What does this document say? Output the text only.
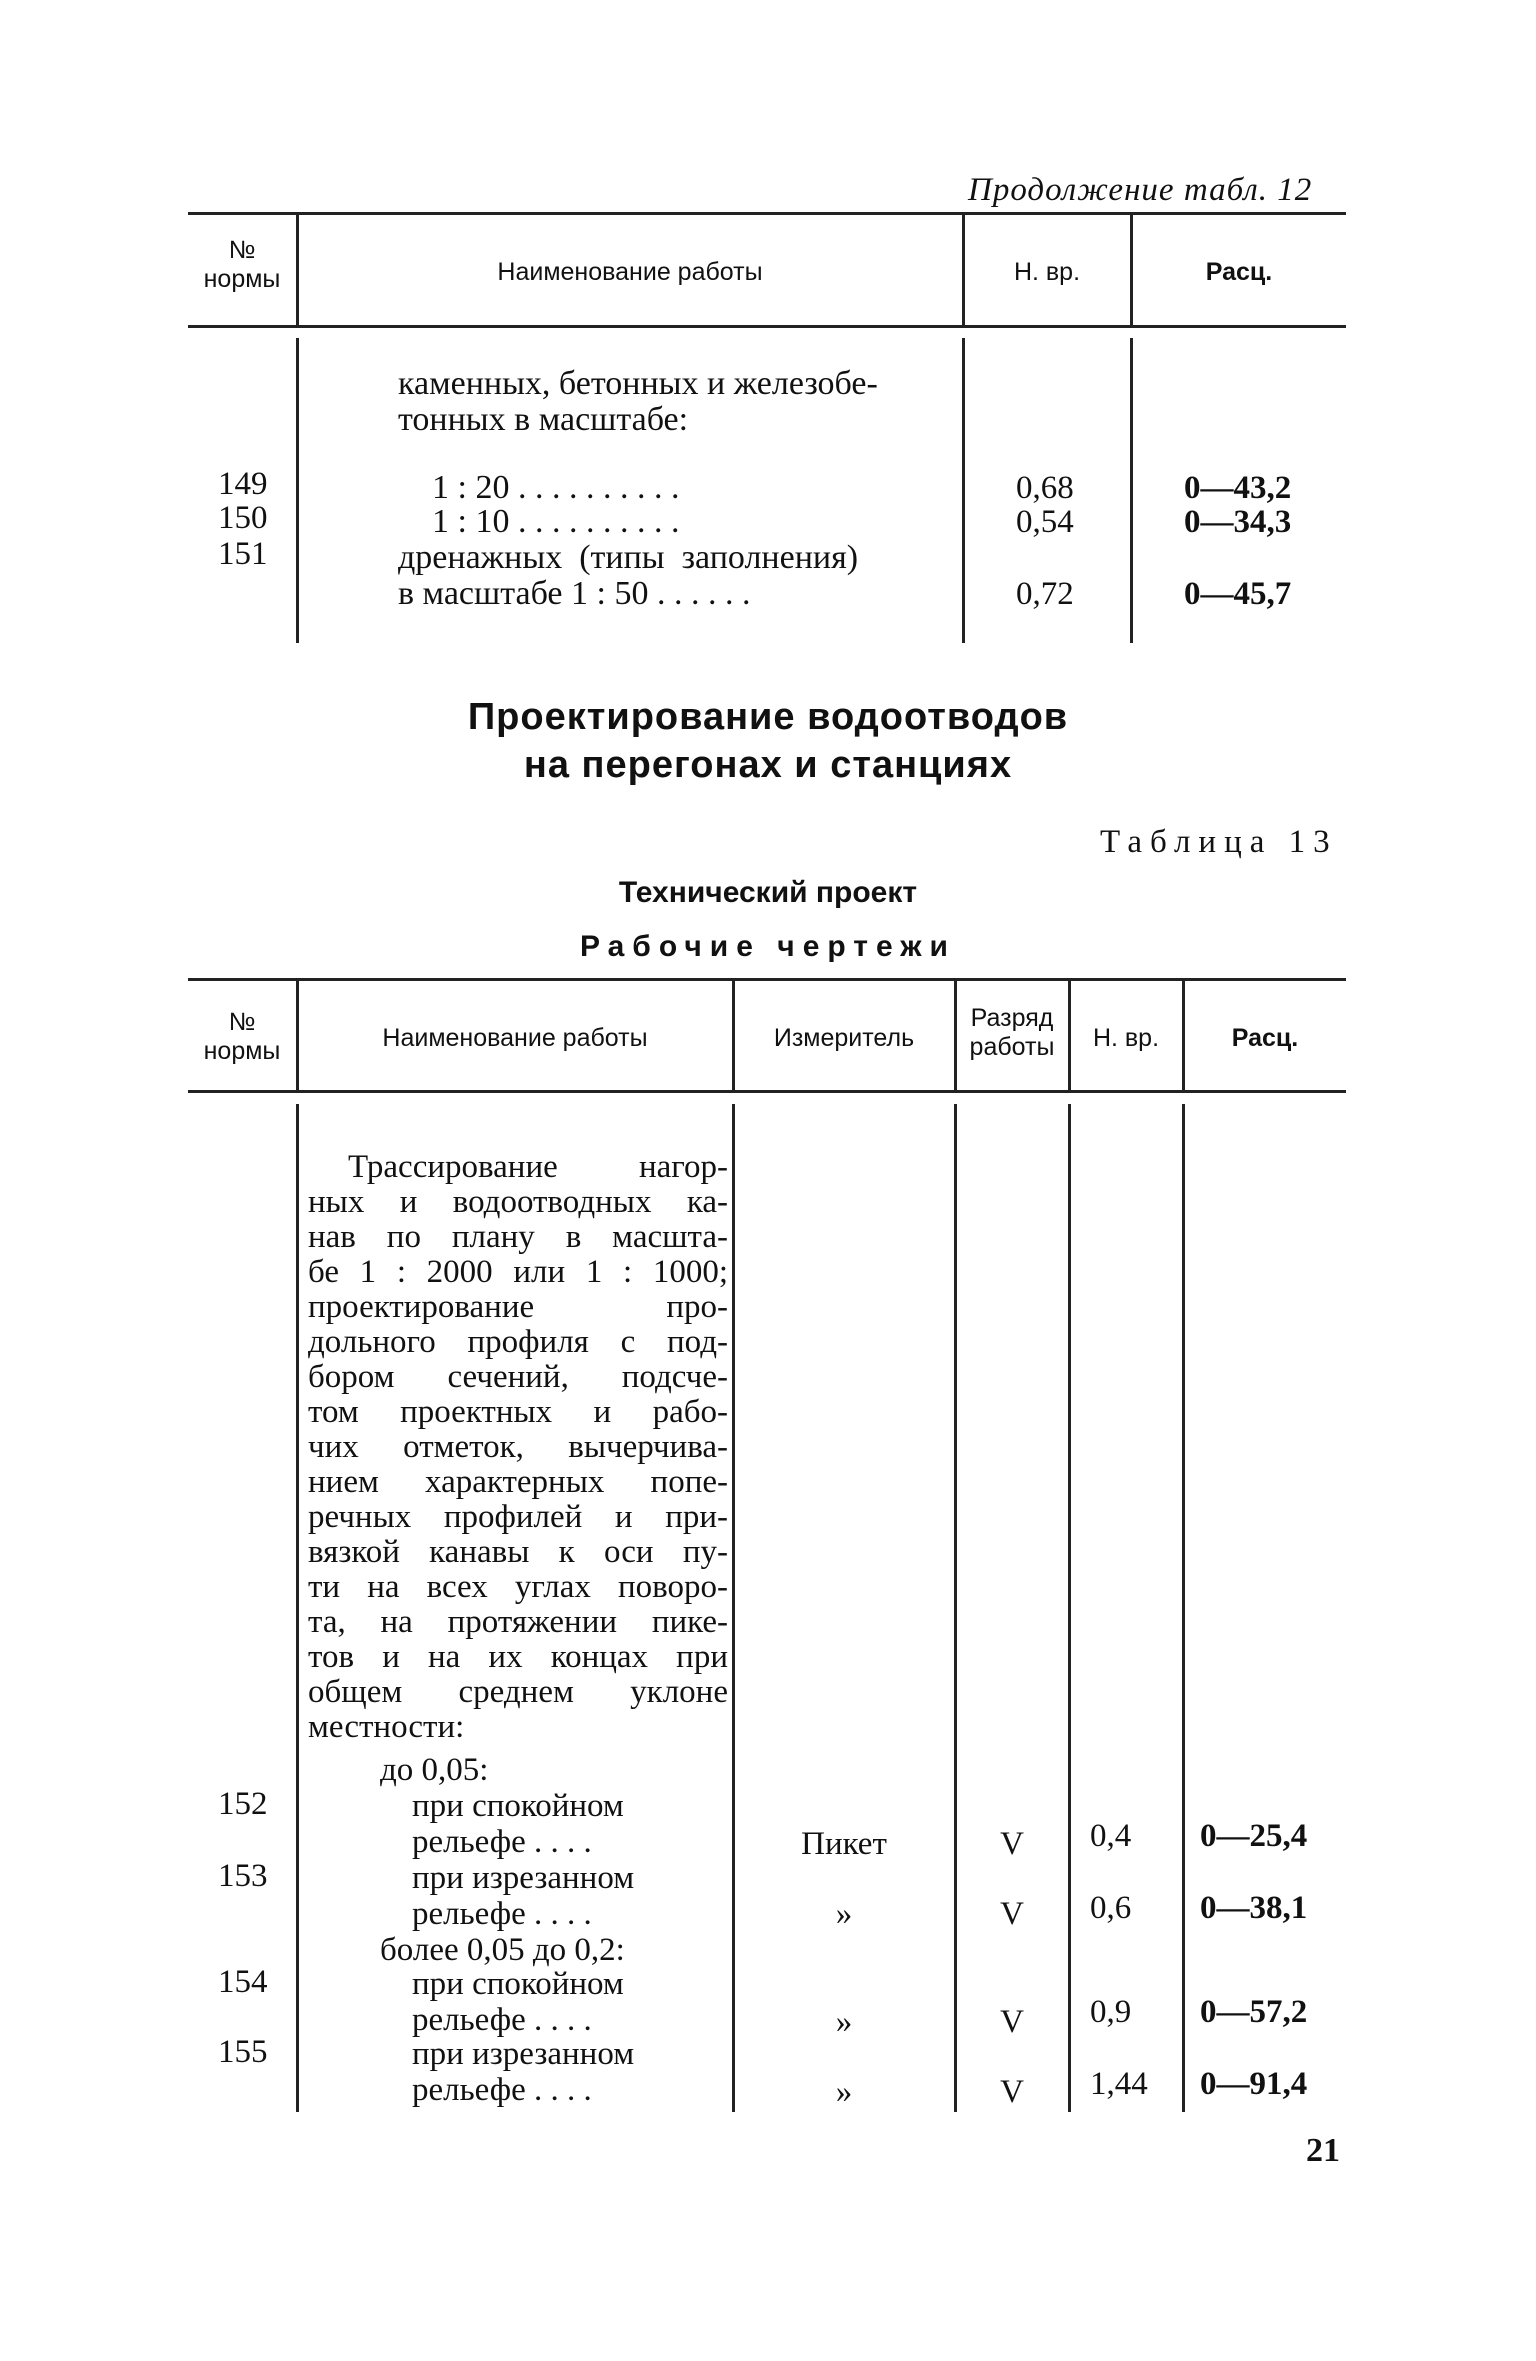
Продолжение табл. 12
№
нормы	Наименование работы	Н. вр.	Расц.
каменных, бетонных и железобе-
тонных в масштабе:
149	1 : 20 . . . . . . . . . .	0,68	0—43,2
150	1 : 10 . . . . . . . . . .	0,54	0—34,3
151	дренажных  (типы  заполнения)
в масштабе 1 : 50 . . . . . .	0,72	0—45,7
Проектирование водоотводов
на перегонах и станциях
Таблица 13
Технический проект
Рабочие чертежи
№
нормы	Наименование работы	Измеритель
Разряд
работы	Н. вр.	Расц.
Трассирование нагор-
ных и водоотводных ка-
нав по плану в масшта-
бе 1 : 2000 или 1 : 1000;
проектирование про-
дольного профиля с под-
бором сечений, подсче-
том проектных и рабо-
чих отметок, вычерчива-
нием характерных попе-
речных профилей и при-
вязкой канавы к оси пу-
ти на всех углах поворо-
та, на протяжении пике-
тов и на их концах при
общем среднем уклоне
местности:
до 0,05:
152	при спокойном
рельефе . . . .	Пикет	V	0,4 0—25,4
153	при изрезанном
рельефе . . . .	»	V	0,6 0—38,1
более 0,05 до 0,2:
154	при спокойном
рельефе . . . .	»	V	0,9 0—57,2
155	при изрезанном
рельефе . . . .	»	V	1,44 0—91,4
21
